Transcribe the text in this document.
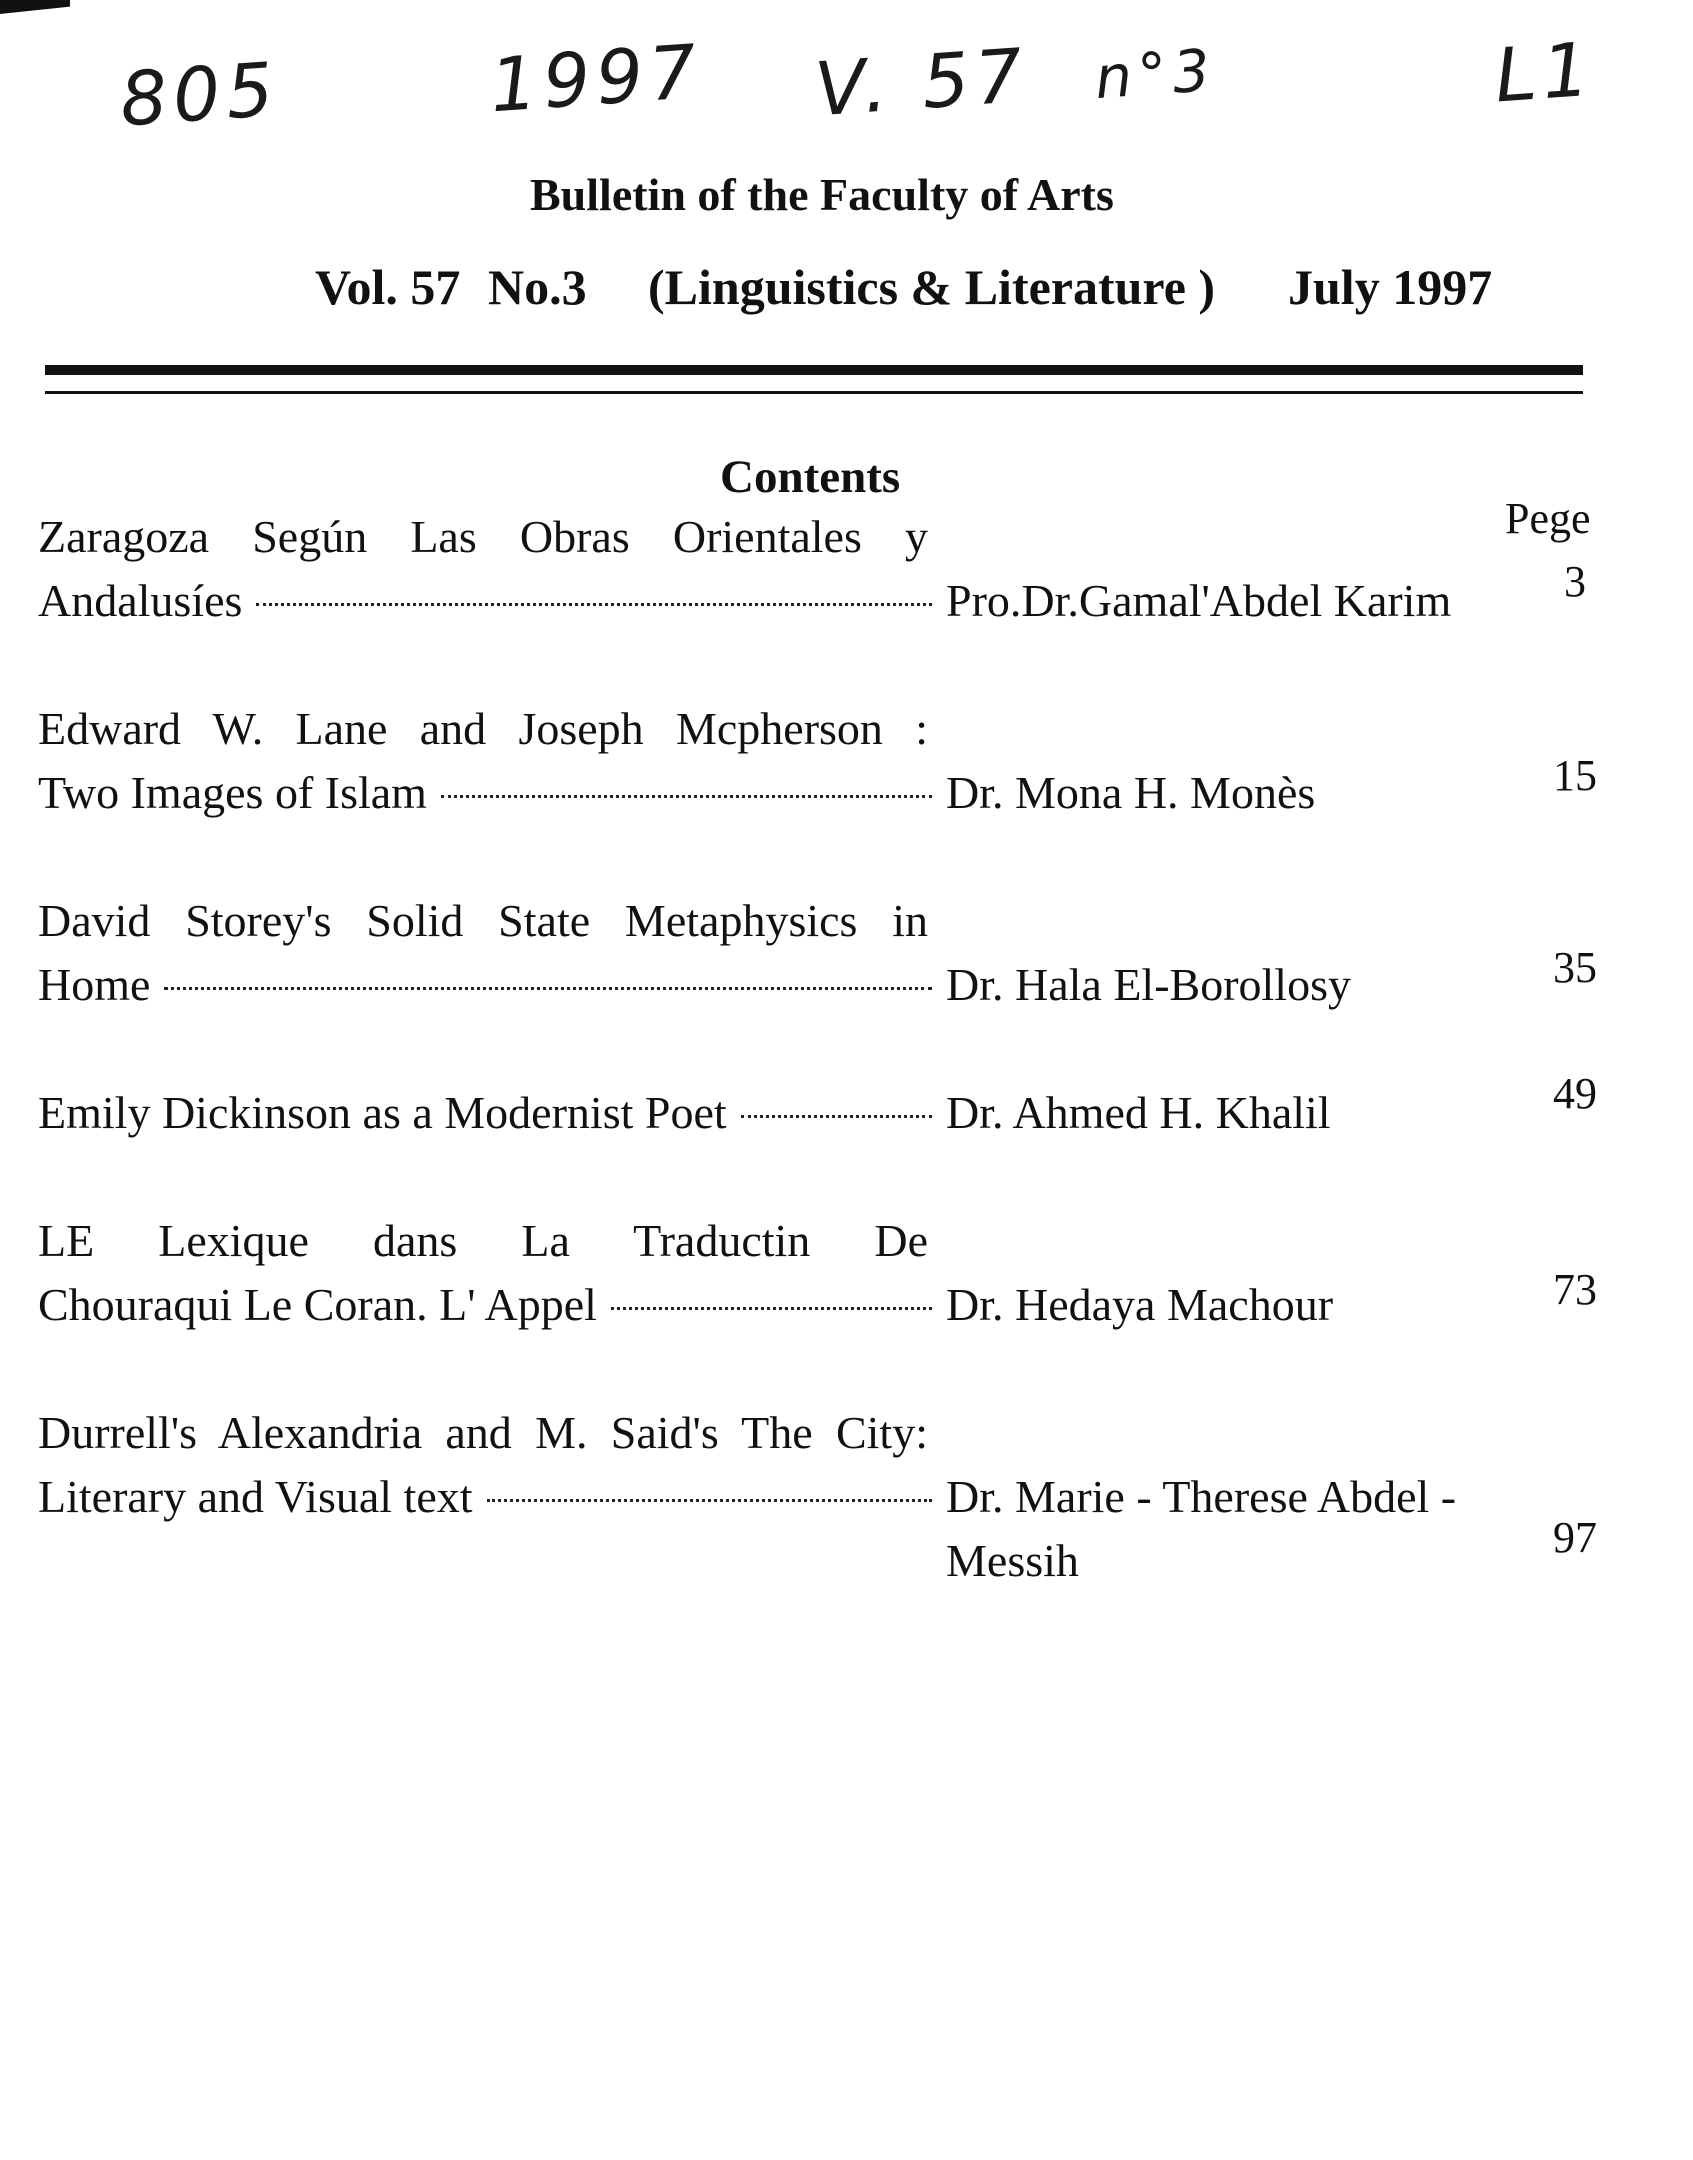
805	1997 V. 57 n°3	L1
Bulletin of the Faculty of Arts
Vol. 57 No.3 (Linguistics & Literature ) July 1997
Contents
Pege
Zaragoza Según Las Obras Orientales y
Andalusíes	Pro.Dr.Gamal'Abdel Karim	3
Edward W. Lane and Joseph Mcpherson :
Two Images of Islam	Dr. Mona H. Monès	15
David Storey's Solid State Metaphysics in
Home	Dr. Hala El-Borollosy	35
Emily Dickinson as a Modernist Poet	Dr. Ahmed H. Khalil	49
LE Lexique dans La Traductin De
Chouraqui Le Coran. L' Appel	Dr. Hedaya Machour	73
Durrell's Alexandria and M. Said's The City:
Literary and Visual text	Dr. Marie - Therese Abdel -
Messih	97
